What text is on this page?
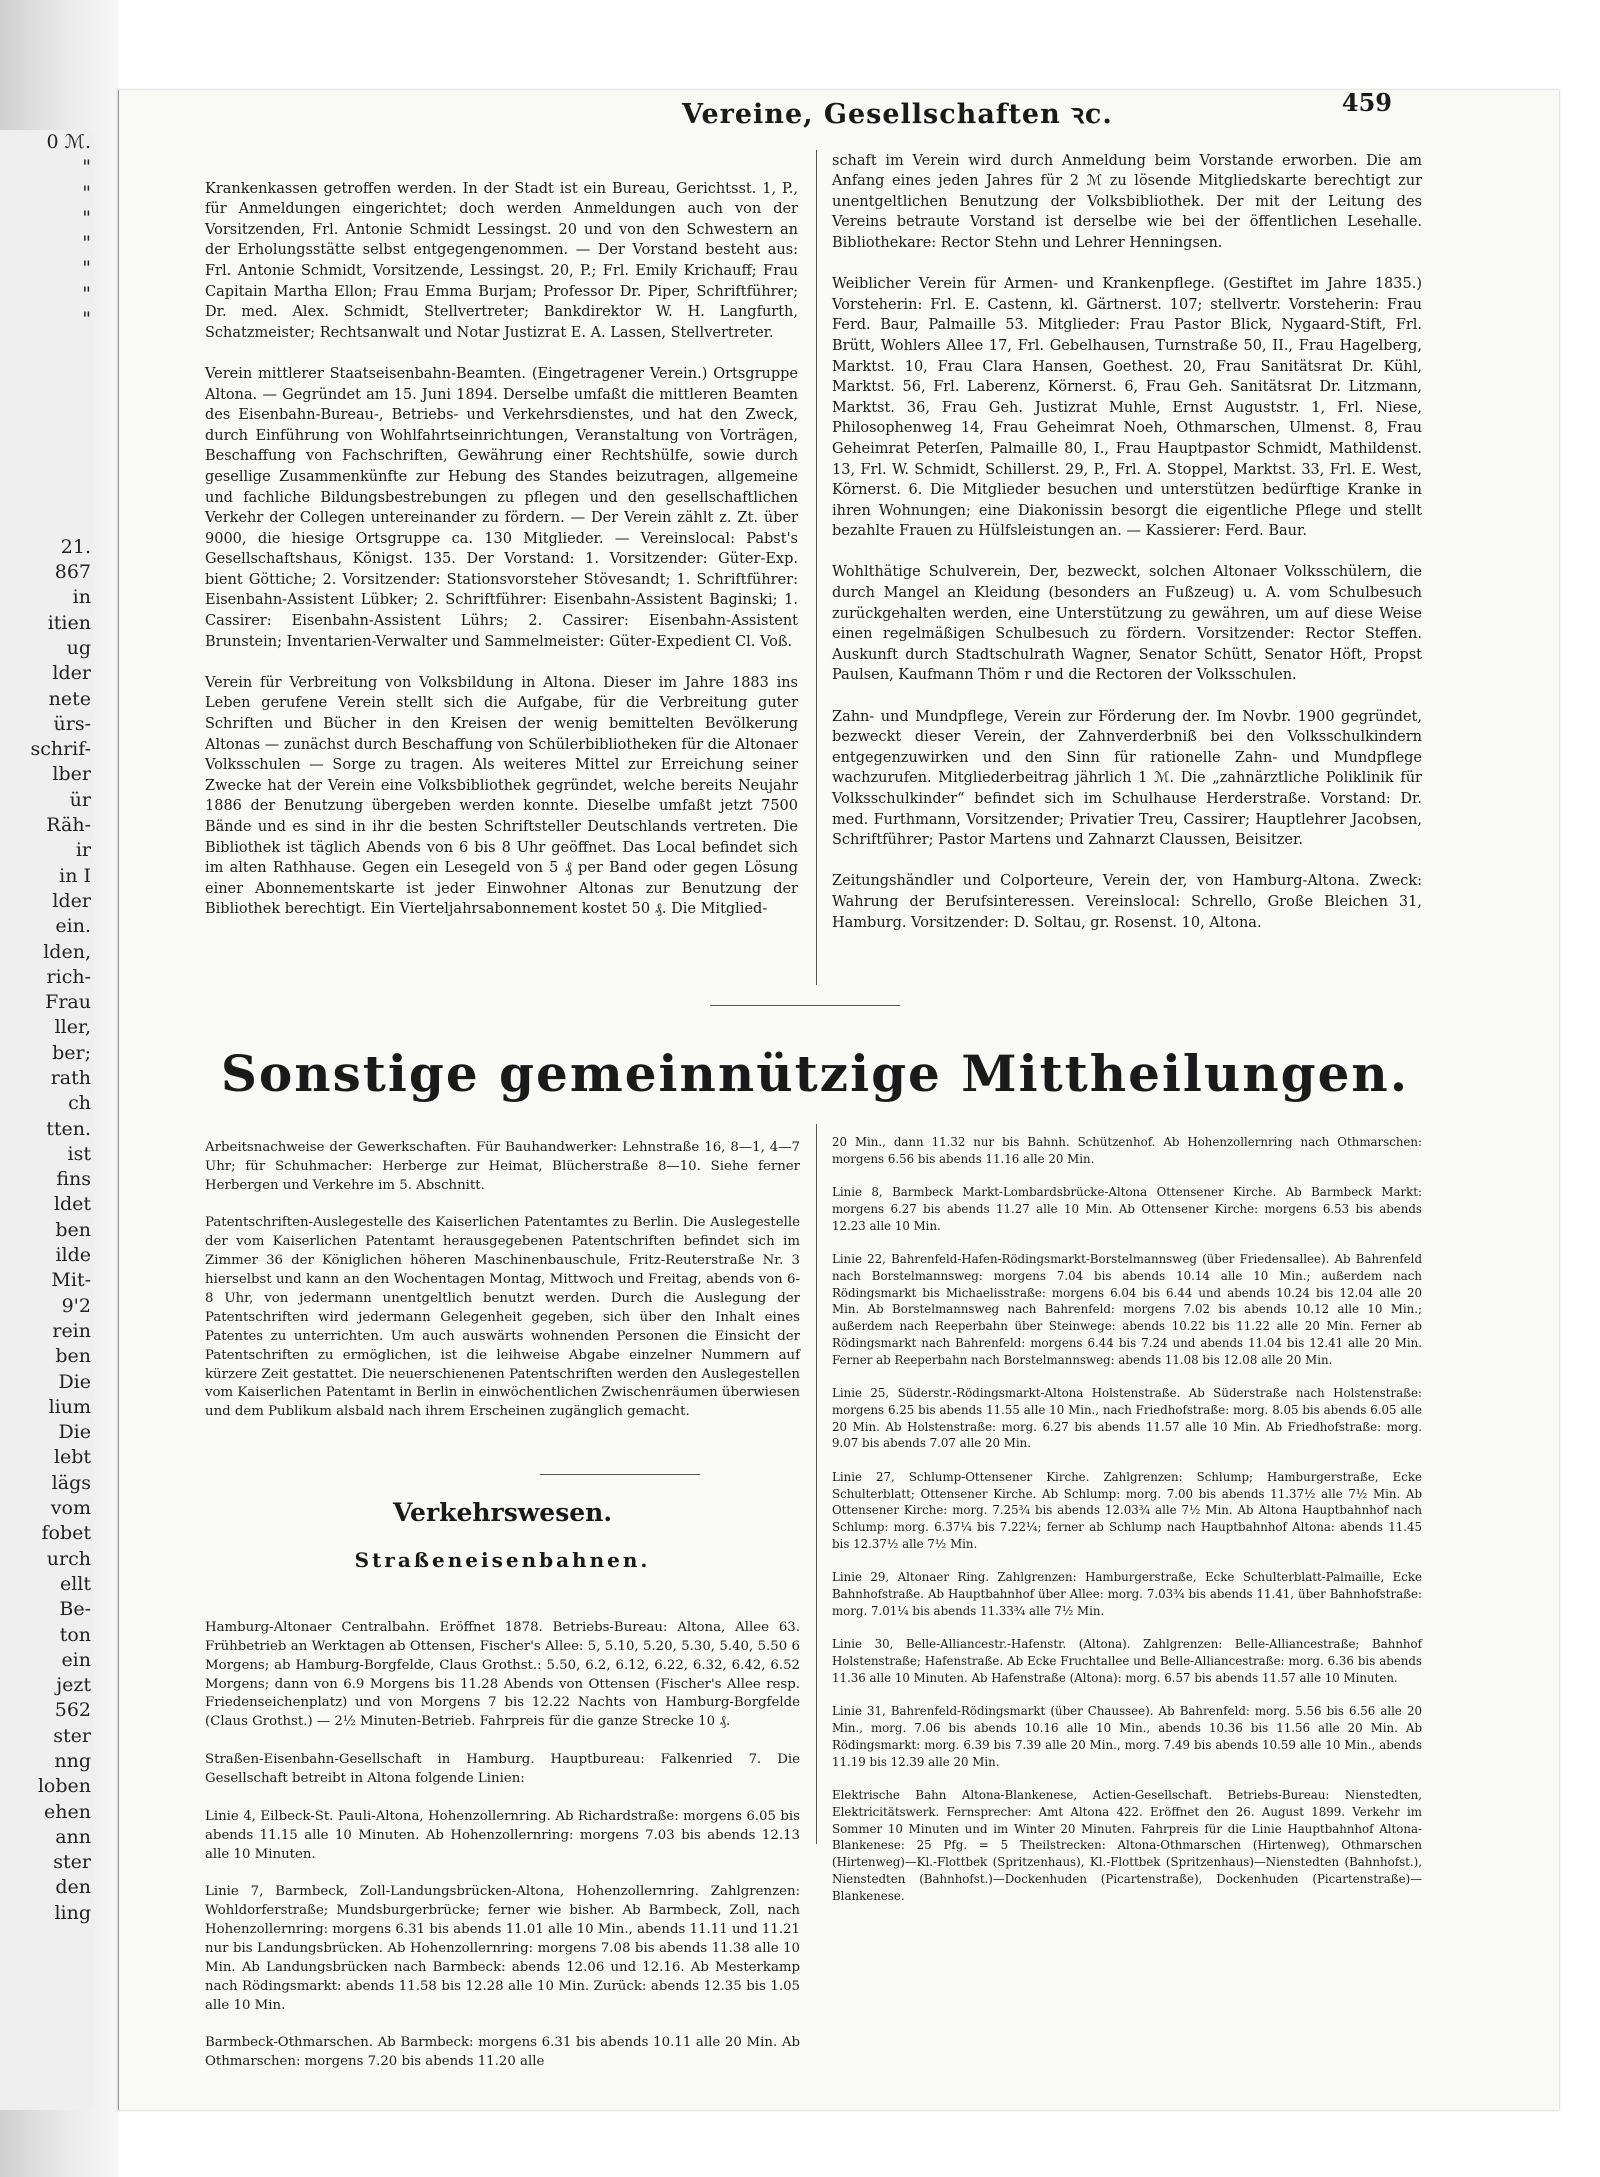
0 ℳ.
"
"
"
"
"
"
"

21.
867
in
itien
ug
lder
nete
ürs-
schrif-
lber
ür
Räh-
ir
in I
lder
ein.
lden,
rich-
Frau
ller,
ber;
rath
ch
tten.
ist
fins
ldet
ben
ilde
Mit-
9'2
rein
ben
Die
lium
Die
lebt
lägs
vom
fobet
urch
ellt
Be-
ton
ein
jezt
562
ster
nng
loben
ehen
ann
ster
den
ling
Vereine, Gesellschaften ꝛc.	459

Krankenkassen getroffen werden. In der Stadt ist ein Bureau, Gerichtsst. 1, P., für Anmeldungen eingerichtet; doch werden Anmeldungen auch von der Vorsitzenden, Frl. Antonie Schmidt Lessingst. 20 und von den Schwestern an der Erholungsstätte selbst entgegengenommen. — Der Vorstand besteht aus: Frl. Antonie Schmidt, Vorsitzende, Lessingst. 20, P.; Frl. Emily Krichauff; Frau Capitain Martha Ellon; Frau Emma Burjam; Professor Dr. Piper, Schriftführer; Dr. med. Alex. Schmidt, Stellvertreter; Bankdirektor W. H. Langfurth, Schatzmeister; Rechtsanwalt und Notar Justizrat E. A. Lassen, Stellvertreter.

Verein mittlerer Staatseisenbahn-Beamten. (Eingetragener Verein.) Ortsgruppe Altona. — Gegründet am 15. Juni 1894. Derselbe umfaßt die mittleren Beamten des Eisenbahn-Bureau-, Betriebs- und Verkehrsdienstes, und hat den Zweck, durch Einführung von Wohlfahrtseinrichtungen, Veranstaltung von Vorträgen, Beschaffung von Fachschriften, Gewährung einer Rechtshülfe, sowie durch gesellige Zusammenkünfte zur Hebung des Standes beizutragen, allgemeine und fachliche Bildungsbestrebungen zu pflegen und den gesellschaftlichen Verkehr der Collegen untereinander zu fördern. — Der Verein zählt z. Zt. über 9000, die hiesige Ortsgruppe ca. 130 Mitglieder. — Vereinslocal: Pabst's Gesellschaftshaus, Königst. 135. Der Vorstand: 1. Vorsitzender: Güter-Exp. bient Göttiche; 2. Vorsitzender: Stationsvorsteher Stövesandt; 1. Schriftführer: Eisenbahn-Assistent Lübker; 2. Schriftführer: Eisenbahn-Assistent Baginski; 1. Cassirer: Eisenbahn-Assistent Lührs; 2. Cassirer: Eisenbahn-Assistent Brunstein; Inventarien-Verwalter und Sammelmeister: Güter-Expedient Cl. Voß.

Verein für Verbreitung von Volksbildung in Altona. Dieser im Jahre 1883 ins Leben gerufene Verein stellt sich die Aufgabe, für die Verbreitung guter Schriften und Bücher in den Kreisen der wenig bemittelten Bevölkerung Altonas — zunächst durch Beschaffung von Schülerbibliotheken für die Altonaer Volksschulen — Sorge zu tragen. Als weiteres Mittel zur Erreichung seiner Zwecke hat der Verein eine Volksbibliothek gegründet, welche bereits Neujahr 1886 der Benutzung übergeben werden konnte. Dieselbe umfaßt jetzt 7500 Bände und es sind in ihr die besten Schriftsteller Deutschlands vertreten. Die Bibliothek ist täglich Abends von 6 bis 8 Uhr geöffnet. Das Local befindet sich im alten Rathhause. Gegen ein Lesegeld von 5 ₰ per Band oder gegen Lösung einer Abonnementskarte ist jeder Einwohner Altonas zur Benutzung der Bibliothek berechtigt. Ein Vierteljahrsabonnement kostet 50 ₰. Die Mitglied-

schaft im Verein wird durch Anmeldung beim Vorstande erworben. Die am Anfang eines jeden Jahres für 2 ℳ zu lösende Mitgliedskarte berechtigt zur unentgeltlichen Benutzung der Volksbibliothek. Der mit der Leitung des Vereins betraute Vorstand ist derselbe wie bei der öffentlichen Lesehalle. Bibliothekare: Rector Stehn und Lehrer Henningsen.

Weiblicher Verein für Armen- und Krankenpflege. (Gestiftet im Jahre 1835.) Vorsteherin: Frl. E. Castenn, kl. Gärtnerst. 107; stellvertr. Vorsteherin: Frau Ferd. Baur, Palmaille 53. Mitglieder: Frau Pastor Blick, Nygaard-Stift, Frl. Brütt, Wohlers Allee 17, Frl. Gebelhausen, Turnstraße 50, II., Frau Hagelberg, Marktst. 10, Frau Clara Hansen, Goethest. 20, Frau Sanitätsrat Dr. Kühl, Marktst. 56, Frl. Laberenz, Körnerst. 6, Frau Geh. Sanitätsrat Dr. Litzmann, Marktst. 36, Frau Geh. Justizrat Muhle, Ernst Auguststr. 1, Frl. Niese, Philosophenweg 14, Frau Geheimrat Noeh, Othmarschen, Ulmenst. 8, Frau Geheimrat Peterſen, Palmaille 80, I., Frau Hauptpastor Schmidt, Mathildenst. 13, Frl. W. Schmidt, Schillerst. 29, P., Frl. A. Stoppel, Marktst. 33, Frl. E. West, Körnerst. 6. Die Mitglieder besuchen und unterstützen bedürftige Kranke in ihren Wohnungen; eine Diakonissin besorgt die eigentliche Pflege und stellt bezahlte Frauen zu Hülfsleistungen an. — Kassierer: Ferd. Baur.

Wohlthätige Schulverein, Der, bezweckt, solchen Altonaer Volksschülern, die durch Mangel an Kleidung (besonders an Fußzeug) u. A. vom Schulbesuch zurückgehalten werden, eine Unterstützung zu gewähren, um auf diese Weise einen regelmäßigen Schulbesuch zu fördern. Vorsitzender: Rector Steffen. Auskunft durch Stadtschulrath Wagner, Senator Schütt, Senator Höft, Propst Paulsen, Kaufmann Thöm r und die Rectoren der Volksschulen.

Zahn- und Mundpflege, Verein zur Förderung der. Im Novbr. 1900 gegründet, bezweckt dieser Verein, der Zahnverderbniß bei den Volksschulkindern entgegenzuwirken und den Sinn für rationelle Zahn- und Mundpflege wachzurufen. Mitgliederbeitrag jährlich 1 ℳ. Die „zahnärztliche Poliklinik für Volksschulkinder“ befindet sich im Schulhause Herderstraße. Vorstand: Dr. med. Furthmann, Vorsitzender; Privatier Treu, Cassirer; Hauptlehrer Jacobsen, Schriftführer; Pastor Martens und Zahnarzt Claussen, Beisitzer.

Zeitungshändler und Colporteure, Verein der, von Hamburg-Altona. Zweck: Wahrung der Berufsinteressen. Vereinslocal: Schrello, Große Bleichen 31, Hamburg. Vorsitzender: D. Soltau, gr. Rosenst. 10, Altona.

Sonstige gemeinnützige Mittheilungen.

Arbeitsnachweise der Gewerkschaften. Für Bauhandwerker: Lehnstraße 16, 8—1, 4—7 Uhr; für Schuhmacher: Herberge zur Heimat, Blücherstraße 8—10. Siehe ferner Herbergen und Verkehre im 5. Abschnitt.

Patentschriften-Auslegestelle des Kaiserlichen Patentamtes zu Berlin. Die Auslegestelle der vom Kaiserlichen Patentamt herausgegebenen Patentschriften befindet sich im Zimmer 36 der Königlichen höheren Maschinenbauschule, Fritz-Reuterstraße Nr. 3 hierselbst und kann an den Wochentagen Montag, Mittwoch und Freitag, abends von 6-8 Uhr, von jedermann unentgeltlich benutzt werden. Durch die Auslegung der Patentschriften wird jedermann Gelegenheit gegeben, sich über den Inhalt eines Patentes zu unterrichten. Um auch auswärts wohnenden Personen die Einsicht der Patentschriften zu ermöglichen, ist die leihweise Abgabe einzelner Nummern auf kürzere Zeit gestattet. Die neuerschienenen Patentschriften werden den Auslegestellen vom Kaiserlichen Patentamt in Berlin in einwöchentlichen Zwischenräumen überwiesen und dem Publikum alsbald nach ihrem Erscheinen zugänglich gemacht.

Verkehrswesen.
Straßeneisenbahnen.

Hamburg-Altonaer Centralbahn. Eröffnet 1878. Betriebs-Bureau: Altona, Allee 63. Frühbetrieb an Werktagen ab Ottensen, Fischer's Allee: 5, 5.10, 5.20, 5.30, 5.40, 5.50 6 Morgens; ab Hamburg-Borgfelde, Claus Grothst.: 5.50, 6.2, 6.12, 6.22, 6.32, 6.42, 6.52 Morgens; dann von 6.9 Morgens bis 11.28 Abends von Ottensen (Fischer's Allee resp. Friedenseichenplatz) und von Morgens 7 bis 12.22 Nachts von Hamburg-Borgfelde (Claus Grothst.) — 2½ Minuten-Betrieb. Fahrpreis für die ganze Strecke 10 ₰.

Straßen-Eisenbahn-Gesellschaft in Hamburg. Hauptbureau: Falkenried 7. Die Gesellschaft betreibt in Altona folgende Linien:

Linie 4, Eilbeck-St. Pauli-Altona, Hohenzollernring. Ab Richardstraße: morgens 6.05 bis abends 11.15 alle 10 Minuten. Ab Hohenzollernring: morgens 7.03 bis abends 12.13 alle 10 Minuten.

Linie 7, Barmbeck, Zoll-Landungsbrücken-Altona, Hohenzollernring. Zahlgrenzen: Wohldorferstraße; Mundsburgerbrücke; ferner wie bisher. Ab Barmbeck, Zoll, nach Hohenzollernring: morgens 6.31 bis abends 11.01 alle 10 Min., abends 11.11 und 11.21 nur bis Landungsbrücken. Ab Hohenzollernring: morgens 7.08 bis abends 11.38 alle 10 Min. Ab Landungsbrücken nach Barmbeck: abends 12.06 und 12.16. Ab Mesterkamp nach Rödingsmarkt: abends 11.58 bis 12.28 alle 10 Min. Zurück: abends 12.35 bis 1.05 alle 10 Min.

Barmbeck-Othmarschen. Ab Barmbeck: morgens 6.31 bis abends 10.11 alle 20 Min. Ab Othmarschen: morgens 7.20 bis abends 11.20 alle

20 Min., dann 11.32 nur bis Bahnh. Schützenhof. Ab Hohenzollernring nach Othmarschen: morgens 6.56 bis abends 11.16 alle 20 Min.

Linie 8, Barmbeck Markt-Lombardsbrücke-Altona Ottensener Kirche. Ab Barmbeck Markt: morgens 6.27 bis abends 11.27 alle 10 Min. Ab Ottensener Kirche: morgens 6.53 bis abends 12.23 alle 10 Min.

Linie 22, Bahrenfeld-Hafen-Rödingsmarkt-Borstelmannsweg (über Friedensallee). Ab Bahrenfeld nach Borstelmannsweg: morgens 7.04 bis abends 10.14 alle 10 Min.; außerdem nach Rödingsmarkt bis Michaelisstraße: morgens 6.04 bis 6.44 und abends 10.24 bis 12.04 alle 20 Min. Ab Borstelmannsweg nach Bahrenfeld: morgens 7.02 bis abends 10.12 alle 10 Min.; außerdem nach Reeperbahn über Steinwege: abends 10.22 bis 11.22 alle 20 Min. Ferner ab Rödingsmarkt nach Bahrenfeld: morgens 6.44 bis 7.24 und abends 11.04 bis 12.41 alle 20 Min. Ferner ab Reeperbahn nach Borstelmannsweg: abends 11.08 bis 12.08 alle 20 Min.

Linie 25, Süderstr.-Rödingsmarkt-Altona Holstenstraße. Ab Süderstraße nach Holstenstraße: morgens 6.25 bis abends 11.55 alle 10 Min., nach Friedhofstraße: morg. 8.05 bis abends 6.05 alle 20 Min. Ab Holstenstraße: morg. 6.27 bis abends 11.57 alle 10 Min. Ab Friedhofstraße: morg. 9.07 bis abends 7.07 alle 20 Min.

Linie 27, Schlump-Ottensener Kirche. Zahlgrenzen: Schlump; Hamburgerstraße, Ecke Schulterblatt; Ottensener Kirche. Ab Schlump: morg. 7.00 bis abends 11.37½ alle 7½ Min. Ab Ottensener Kirche: morg. 7.25¾ bis abends 12.03¾ alle 7½ Min. Ab Altona Hauptbahnhof nach Schlump: morg. 6.37¼ bis 7.22¼; ferner ab Schlump nach Hauptbahnhof Altona: abends 11.45 bis 12.37½ alle 7½ Min.

Linie 29, Altonaer Ring. Zahlgrenzen: Hamburgerstraße, Ecke Schulterblatt-Palmaille, Ecke Bahnhofstraße. Ab Hauptbahnhof über Allee: morg. 7.03¾ bis abends 11.41, über Bahnhofstraße: morg. 7.01¼ bis abends 11.33¾ alle 7½ Min.

Linie 30, Belle-Alliancestr.-Hafenstr. (Altona). Zahlgrenzen: Belle-Alliancestraße; Bahnhof Holstenstraße; Hafenstraße. Ab Ecke Fruchtallee und Belle-Alliancestraße: morg. 6.36 bis abends 11.36 alle 10 Minuten. Ab Hafenstraße (Altona): morg. 6.57 bis abends 11.57 alle 10 Minuten.

Linie 31, Bahrenfeld-Rödingsmarkt (über Chaussee). Ab Bahrenfeld: morg. 5.56 bis 6.56 alle 20 Min., morg. 7.06 bis abends 10.16 alle 10 Min., abends 10.36 bis 11.56 alle 20 Min. Ab Rödingsmarkt: morg. 6.39 bis 7.39 alle 20 Min., morg. 7.49 bis abends 10.59 alle 10 Min., abends 11.19 bis 12.39 alle 20 Min.

Elektrische Bahn Altona-Blankenese, Actien-Gesellschaft. Betriebs-Bureau: Nienstedten, Elektricitätswerk. Fernsprecher: Amt Altona 422. Eröffnet den 26. August 1899. Verkehr im Sommer 10 Minuten und im Winter 20 Minuten. Fahrpreis für die Linie Hauptbahnhof Altona-Blankenese: 25 Pfg. = 5 Theilstrecken: Altona-Othmarschen (Hirtenweg), Othmarschen (Hirtenweg)—Kl.-Flottbek (Spritzenhaus), Kl.-Flottbek (Spritzenhaus)—Nienstedten (Bahnhofst.), Nienstedten (Bahnhofst.)—Dockenhuden (Picartenstraße), Dockenhuden (Picartenstraße)—Blankenese.
